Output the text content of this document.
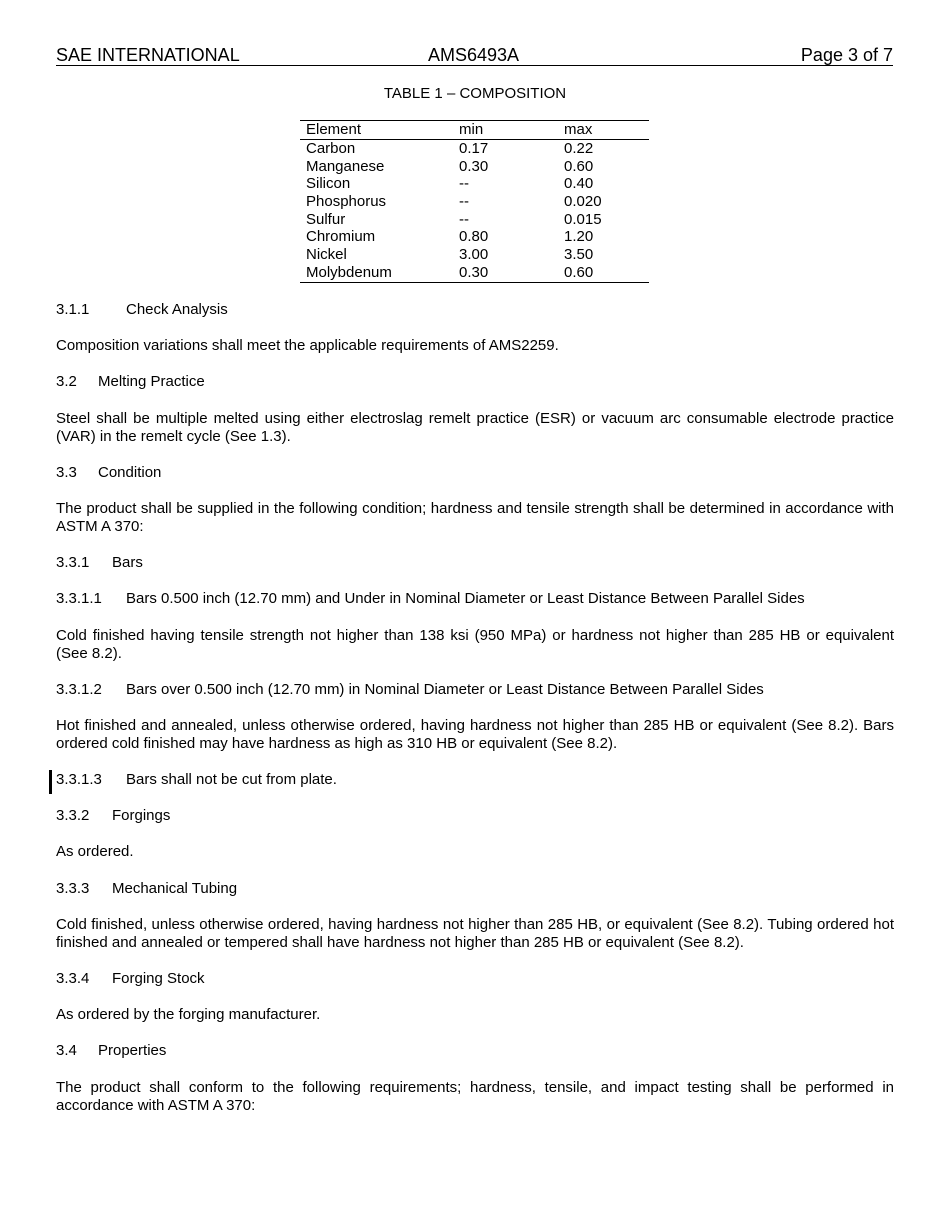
SAE INTERNATIONAL	AMS6493A	Page 3 of 7
TABLE 1 – COMPOSITION
Element	min	max
Carbon	0.17	0.22
Manganese	0.30	0.60
Silicon	--	0.40
Phosphorus	--	0.020
Sulfur	--	0.015
Chromium	0.80	1.20
Nickel	3.00	3.50
Molybdenum	0.30	0.60
3.1.1 Check Analysis
Composition variations shall meet the applicable requirements of AMS2259.
3.2 Melting Practice
Steel shall be multiple melted using either electroslag remelt practice (ESR) or vacuum arc consumable electrode practice (VAR) in the remelt cycle (See 1.3).
3.3 Condition
The product shall be supplied in the following condition; hardness and tensile strength shall be determined in accordance with ASTM A 370:
3.3.1 Bars
3.3.1.1 Bars 0.500 inch (12.70 mm) and Under in Nominal Diameter or Least Distance Between Parallel Sides
Cold finished having tensile strength not higher than 138 ksi (950 MPa) or hardness not higher than 285 HB or equivalent (See 8.2).
3.3.1.2 Bars over 0.500 inch (12.70 mm) in Nominal Diameter or Least Distance Between Parallel Sides
Hot finished and annealed, unless otherwise ordered, having hardness not higher than 285 HB or equivalent (See 8.2). Bars ordered cold finished may have hardness as high as 310 HB or equivalent (See 8.2).
3.3.1.3 Bars shall not be cut from plate.
3.3.2 Forgings
As ordered.
3.3.3 Mechanical Tubing
Cold finished, unless otherwise ordered, having hardness not higher than 285 HB, or equivalent (See 8.2). Tubing ordered hot finished and annealed or tempered shall have hardness not higher than 285 HB or equivalent (See 8.2).
3.3.4 Forging Stock
As ordered by the forging manufacturer.
3.4 Properties
The product shall conform to the following requirements; hardness, tensile, and impact testing shall be performed in accordance with ASTM A 370:
